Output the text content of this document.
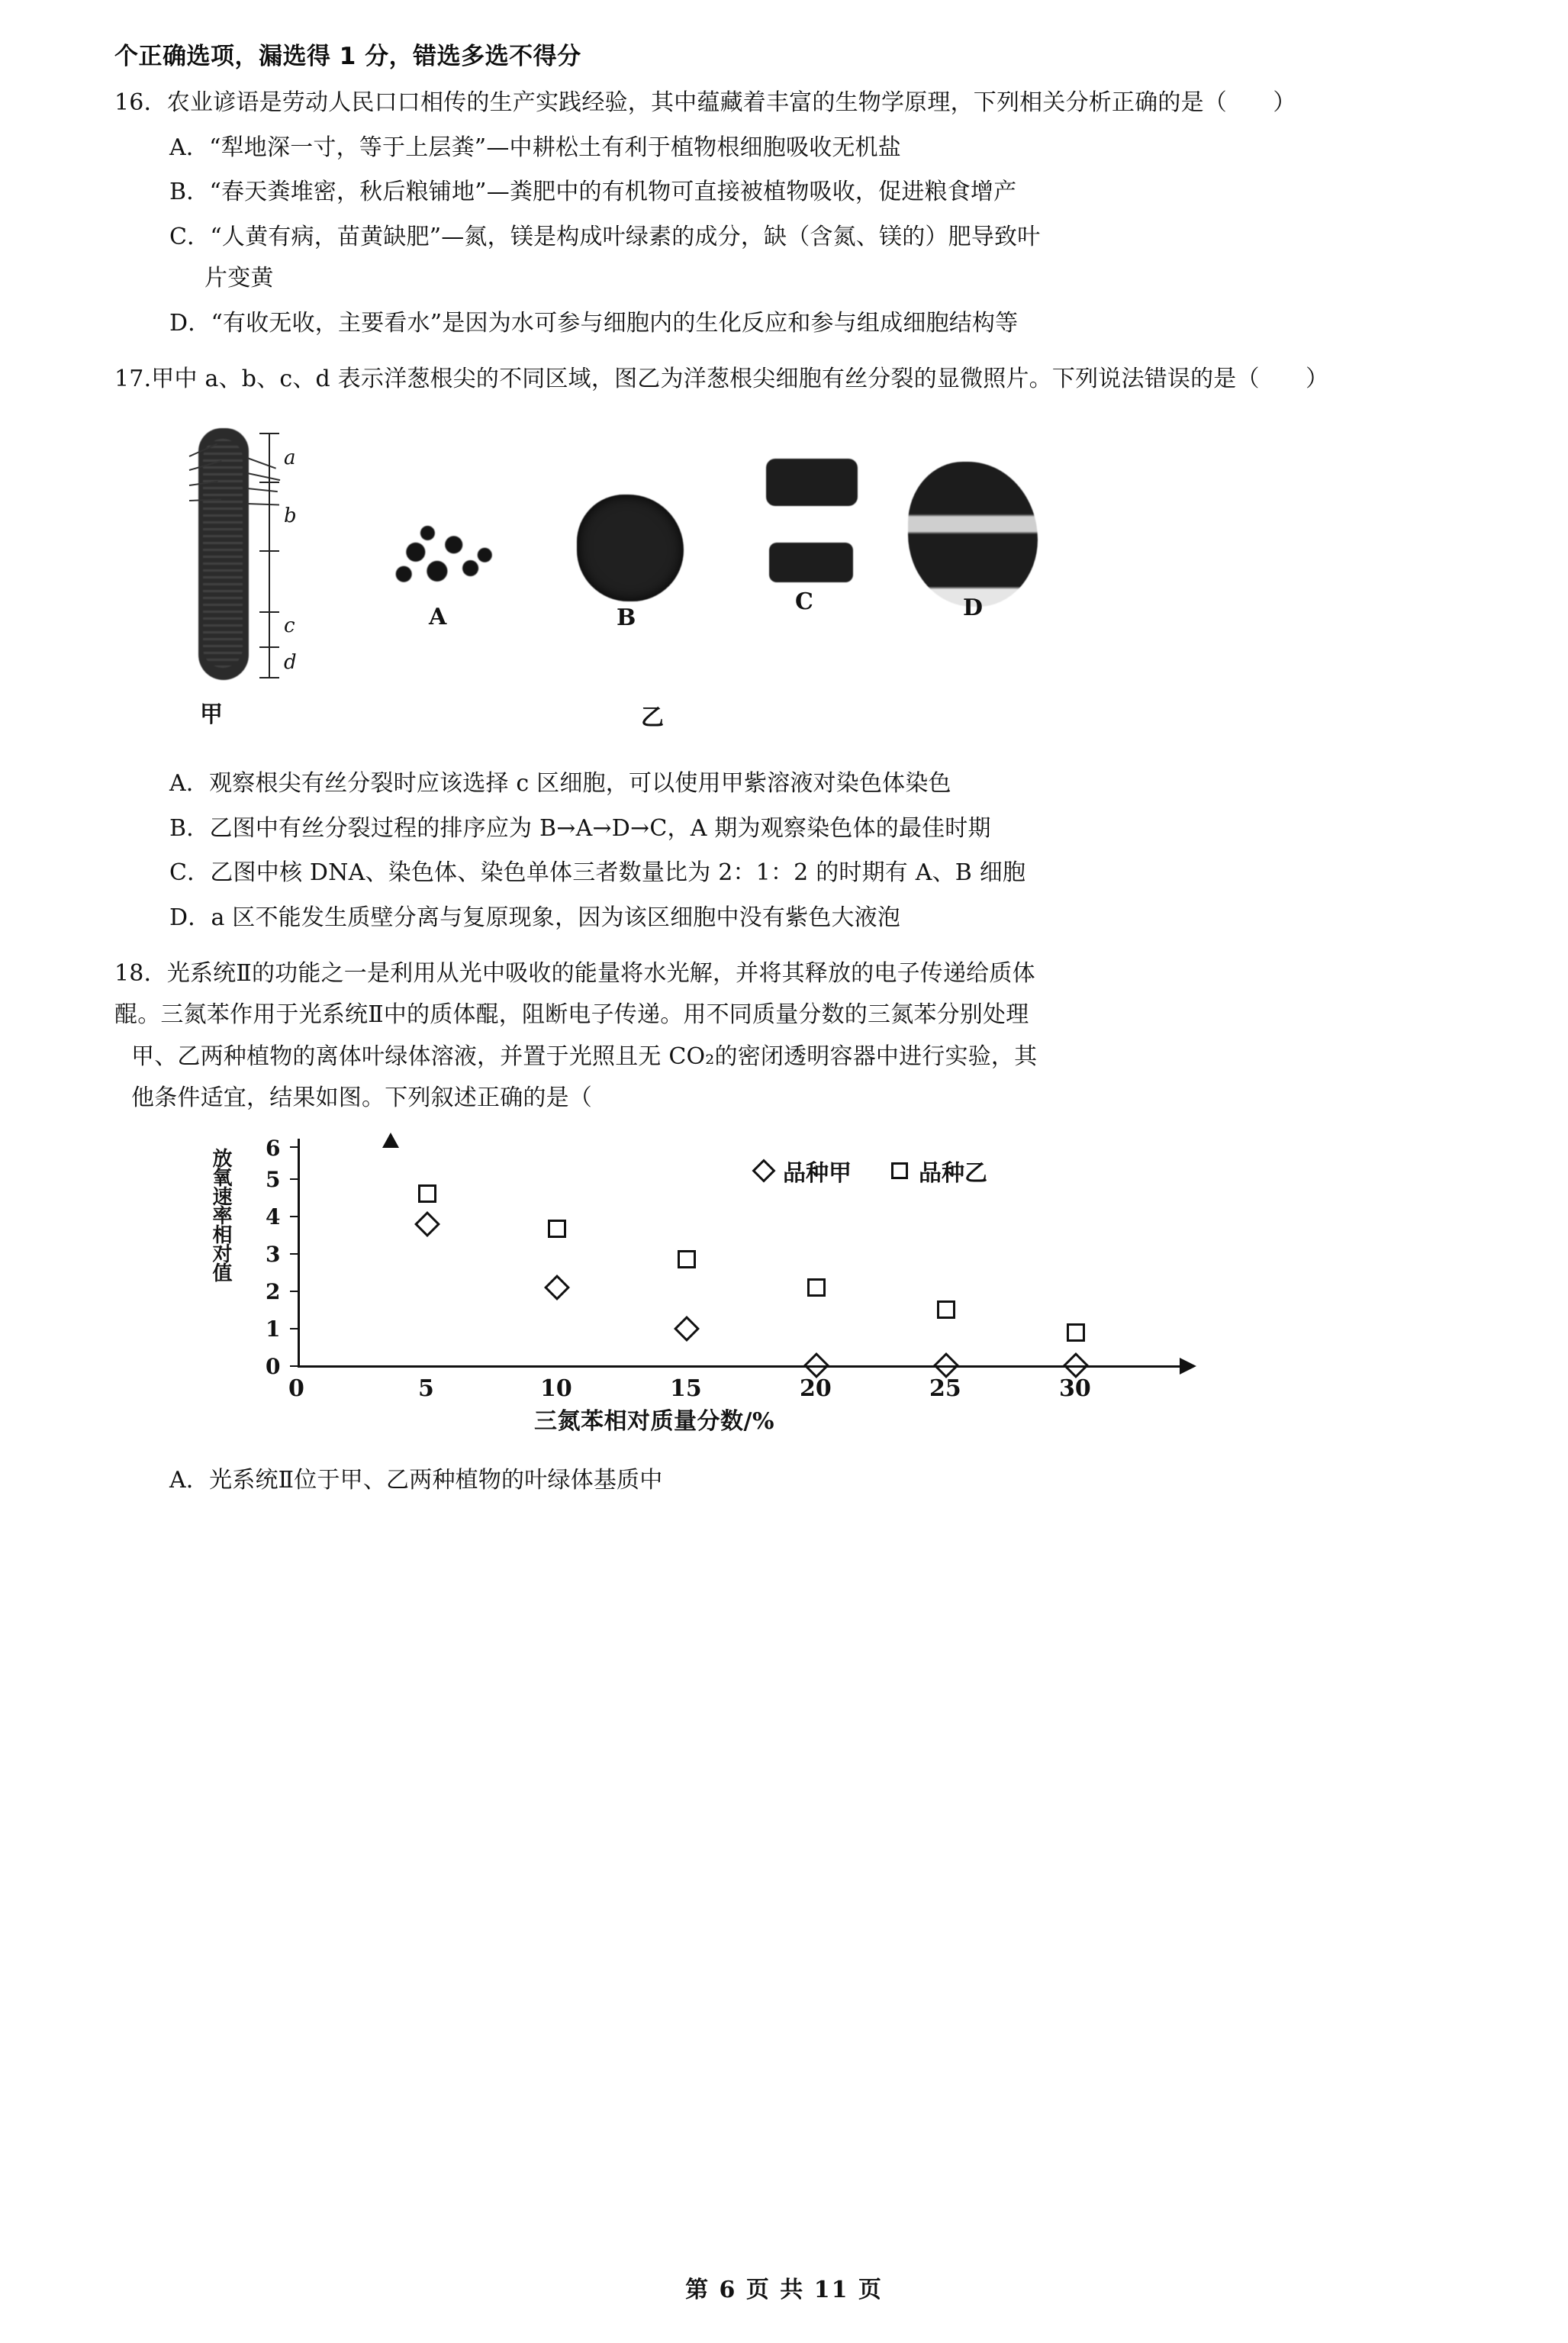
个正确选项，漏选得 1 分，错选多选不得分
16．农业谚语是劳动人民口口相传的生产实践经验，其中蕴藏着丰富的生物学原理，下列相关分析正确的是（　　）
A．“犁地深一寸，等于上层粪”—中耕松土有利于植物根细胞吸收无机盐
B．“春天粪堆密，秋后粮铺地”—粪肥中的有机物可直接被植物吸收，促进粮食增产
C．“人黄有病，苗黄缺肥”—氮，镁是构成叶绿素的成分，缺（含氮、镁的）肥导致叶
片变黄
D．“有收无收，主要看水”是因为水可参与细胞内的生化反应和参与组成细胞结构等
17.甲中 a、b、c、d 表示洋葱根尖的不同区域，图乙为洋葱根尖细胞有丝分裂的显微照片。下列说法错误的是（　　）
a
b
c
d
甲
A	B
C	D
乙
A．观察根尖有丝分裂时应该选择 c 区细胞，可以使用甲紫溶液对染色体染色
B．乙图中有丝分裂过程的排序应为 B→A→D→C，A 期为观察染色体的最佳时期
C．乙图中核 DNA、染色体、染色单体三者数量比为 2：1：2 的时期有 A、B 细胞
D．a 区不能发生质壁分离与复原现象，因为该区细胞中没有紫色大液泡
18．光系统Ⅱ的功能之一是利用从光中吸收的能量将水光解，并将其释放的电子传递给质体
醌。三氮苯作用于光系统Ⅱ中的质体醌，阻断电子传递。用不同质量分数的三氮苯分别处理
甲、乙两种植物的离体叶绿体溶液，并置于光照且无 CO₂的密闭透明容器中进行实验，其
他条件适宜，结果如图。下列叙述正确的是（
放氧速率相对值
0
1
2
3
4
5
6
0	5	10	15	20	25	30
品种甲	品种乙
三氮苯相对质量分数/%
A．光系统Ⅱ位于甲、乙两种植物的叶绿体基质中
第 6 页 共 11 页
